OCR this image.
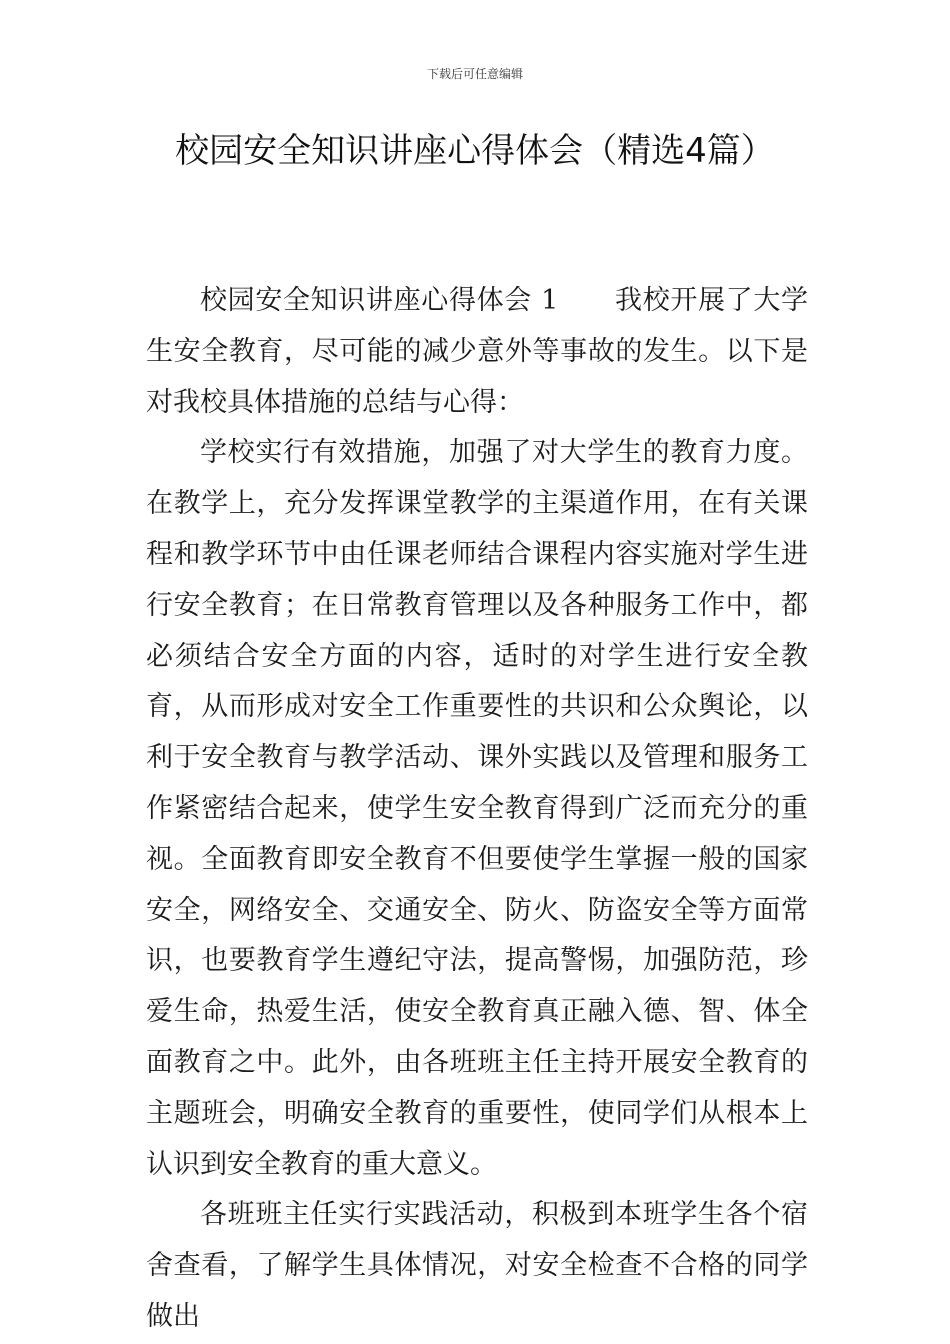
下载后可任意编辑
校园安全知识讲座心得体会（精选4篇）

校园安全知识讲座心得体会 1 我校开展了大学生安全教育，尽可能的减少意外等事故的发生。以下是对我校具体措施的总结与心得：

学校实行有效措施，加强了对大学生的教育力度。在教学上，充分发挥课堂教学的主渠道作用，在有关课程和教学环节中由任课老师结合课程内容实施对学生进行安全教育；在日常教育管理以及各种服务工作中，都必须结合安全方面的内容，适时的对学生进行安全教育，从而形成对安全工作重要性的共识和公众舆论，以利于安全教育与教学活动、课外实践以及管理和服务工作紧密结合起来，使学生安全教育得到广泛而充分的重视。全面教育即安全教育不但要使学生掌握一般的国家安全，网络安全、交通安全、防火、防盗安全等方面常识，也要教育学生遵纪守法，提高警惕，加强防范，珍爱生命，热爱生活，使安全教育真正融入德、智、体全面教育之中。此外，由各班班主任主持开展安全教育的主题班会，明确安全教育的重要性，使同学们从根本上认识到安全教育的重大意义。

各班班主任实行实践活动，积极到本班学生各个宿舍查看，了解学生具体情况，对安全检查不合格的同学做出
